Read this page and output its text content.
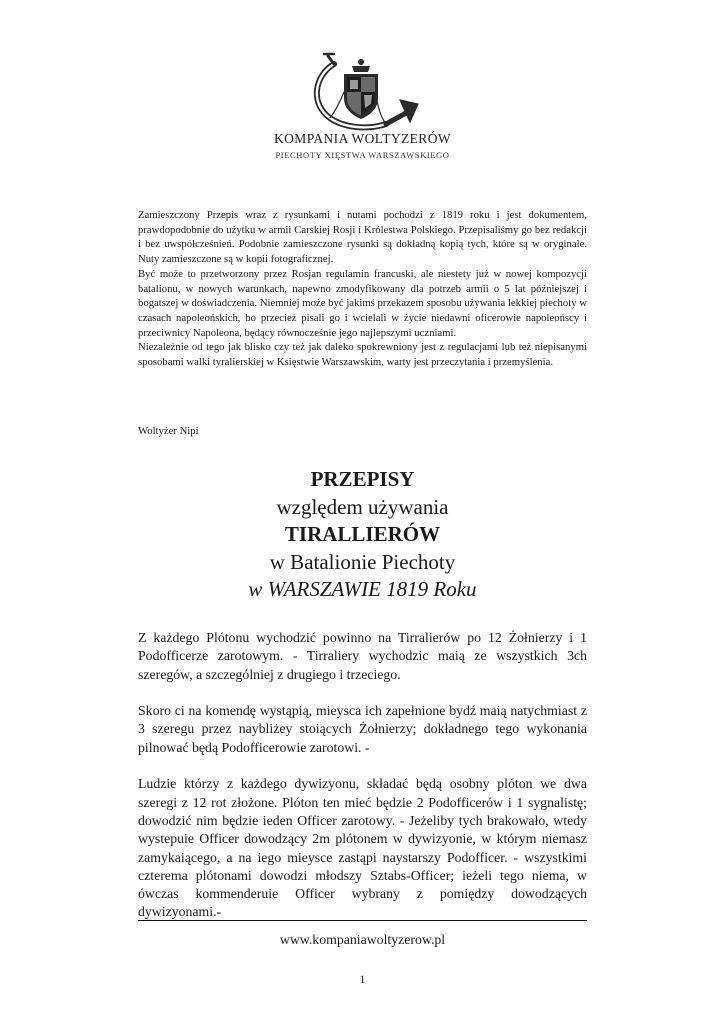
KOMPANIA WOLTYZERÓW
PIECHOTY XIĘSTWA WARSZAWSKIEGO

Zamieszczony Przepis wraz z rysunkami i nutami pochodzi z 1819 roku i jest dokumentem, prawdopodobnie do użytku w armii Carskiej Rosji i Królestwa Polskiego. Przepisaliśmy go bez redakcji i bez uwspółcześnień. Podobnie zamieszczone rysunki są dokładną kopią tych, które są w oryginale. Nuty zamieszczone są w kopii fotograficznej.

Być może to przetworzony przez Rosjan regulamin francuski, ale niestety już w nowej kompozycji batalionu, w nowych warunkach, napewno zmodyfikowany dla potrzeb armii o 5 lat późniejszej i bogatszej w doświadczenia. Niemniej może być jakimś przekazem sposobu używania lekkiej piechoty w czasach napoleońskich, bo przecież pisali go i wcielali w życie niedawni oficerowie napoleońscy i przeciwnicy Napoleona, będący równocześnie jego najlepszymi uczniami.

Niezależnie od tego jak blisko czy też jak daleko spokrewniony jest z regulacjami lub też niepisanymi sposobami walki tyralierskiej w Księstwie Warszawskim, warty jest przeczytania i przemyślenia.

Woltyżer Nipi
PRZEPISY
względem używania
TIRALLIERÓW
w Batalionie Piechoty
w WARSZAWIE 1819 Roku

Z każdego Plótonu wychodzić powinno na Tirralierów po 12 Żołnierzy i 1 Podofficerze zarotowym. - Tirraliery wychodzic maią ze wszystkich 3ch szeregów, a szczególniej z drugiego i trzeciego.

Skoro ci na komendę wystąpią, mieysca ich zapełnione bydź maią natychmiast z 3 szeregu przez naybliżey stoiących Żołnierzy; dokładnego tego wykonania pilnować będą Podofficerowie zarotowi. -

Ludzie którzy z każdego dywizyonu, składać będą osobny plóton we dwa szeregi z 12 rot złożone. Plóton ten mieć będzie 2 Podofficerów i 1 sygnalistę; dowodzić nim będzie ieden Officer zarotowy. - Jeżeliby tych brakowało, wtedy wystepuie Officer dowodzący 2m plótonem w dywizyonie, w którym niemasz zamykaiącego, a na iego mieysce zastąpi naystarszy Podofficer. - wszystkimi czterema plótonami dowodzi młodszy Sztabs-Officer; ieżeli tego niema, w ówczas kommenderuie Officer wybrany z pomiędzy dowodzących dywizyonami.-

www.kompaniawoltyzerow.pl
1
